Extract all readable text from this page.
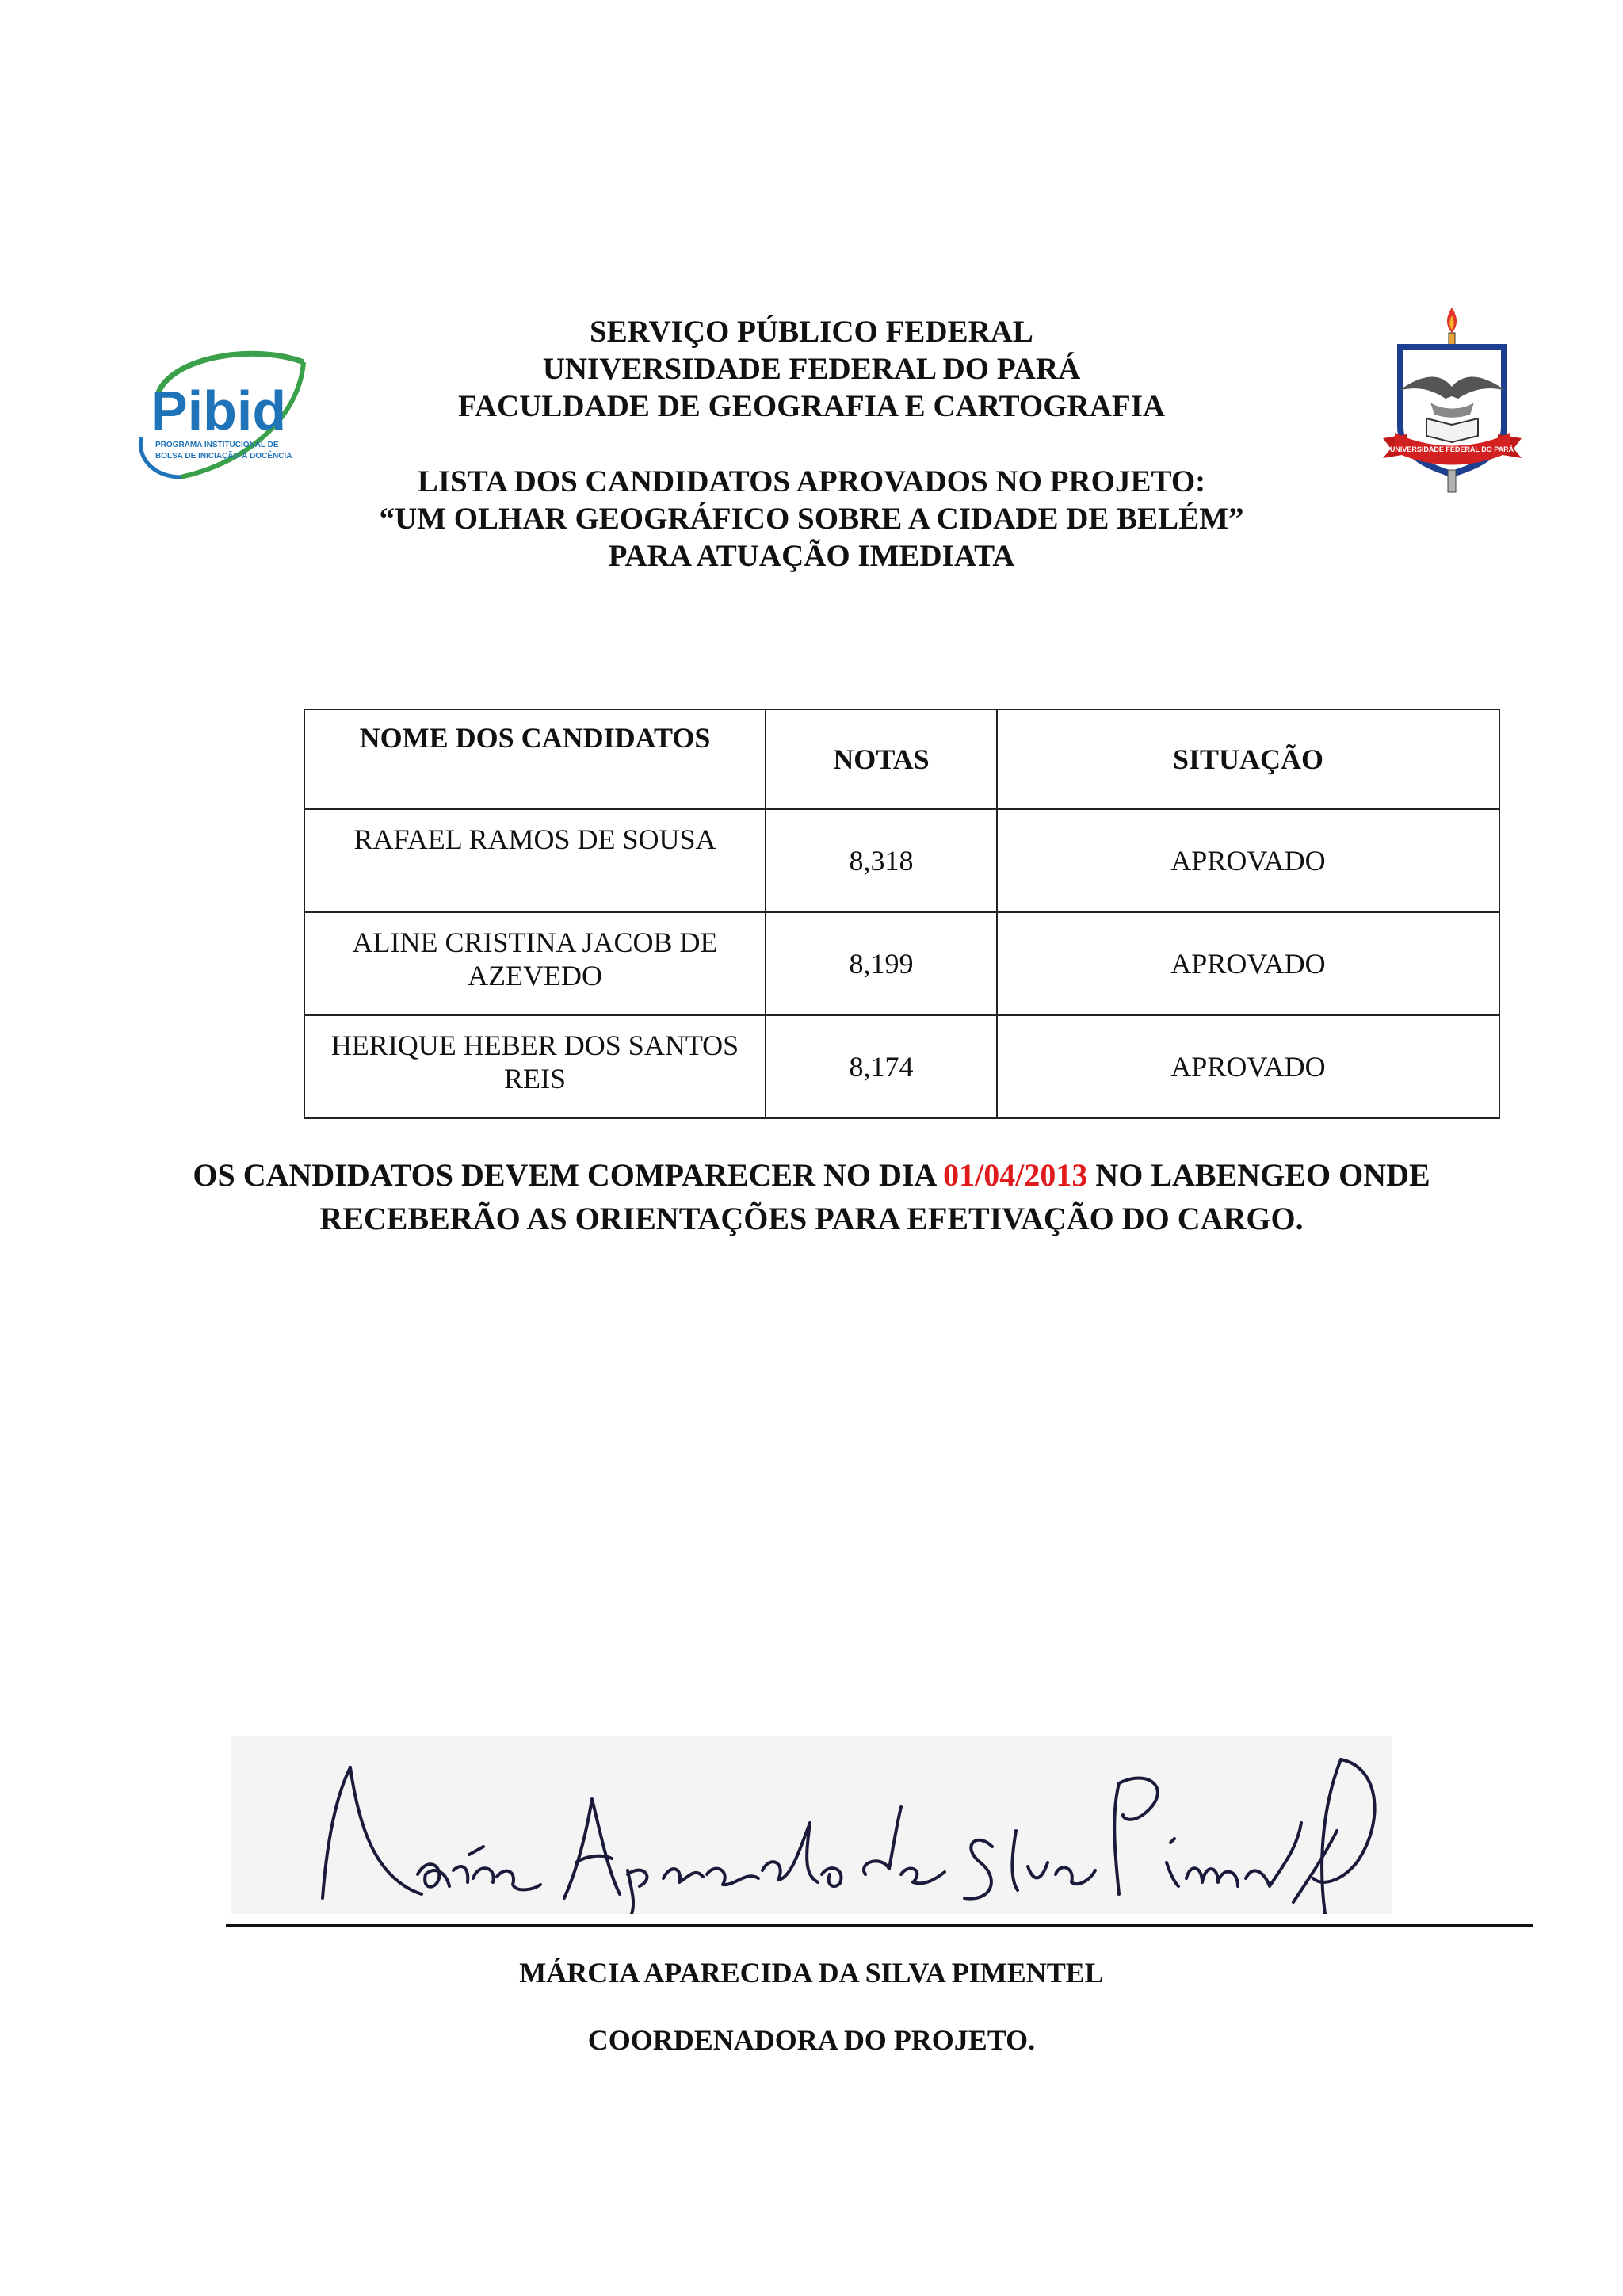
Pibid
PROGRAMA INSTITUCIONAL DE
BOLSA DE INICIAÇÃO À DOCÊNCIA
UNIVERSIDADE FEDERAL DO PARÁ
SERVIÇO PÚBLICO FEDERAL
UNIVERSIDADE FEDERAL DO PARÁ
FACULDADE DE GEOGRAFIA E CARTOGRAFIA
LISTA DOS CANDIDATOS APROVADOS NO PROJETO:
“UM OLHAR GEOGRÁFICO SOBRE A CIDADE DE BELÉM”
PARA ATUAÇÃO IMEDIATA
NOME DOS CANDIDATOS	NOTAS	SITUAÇÃO
RAFAEL RAMOS DE SOUSA	8,318	APROVADO
ALINE CRISTINA JACOB DE AZEVEDO	8,199	APROVADO
HERIQUE HEBER DOS SANTOS REIS	8,174	APROVADO
OS CANDIDATOS DEVEM COMPARECER NO DIA 01/04/2013 NO LABENGEO ONDE
RECEBERÃO AS ORIENTAÇÕES PARA EFETIVAÇÃO DO CARGO.
MÁRCIA APARECIDA DA SILVA PIMENTEL
COORDENADORA DO PROJETO.
